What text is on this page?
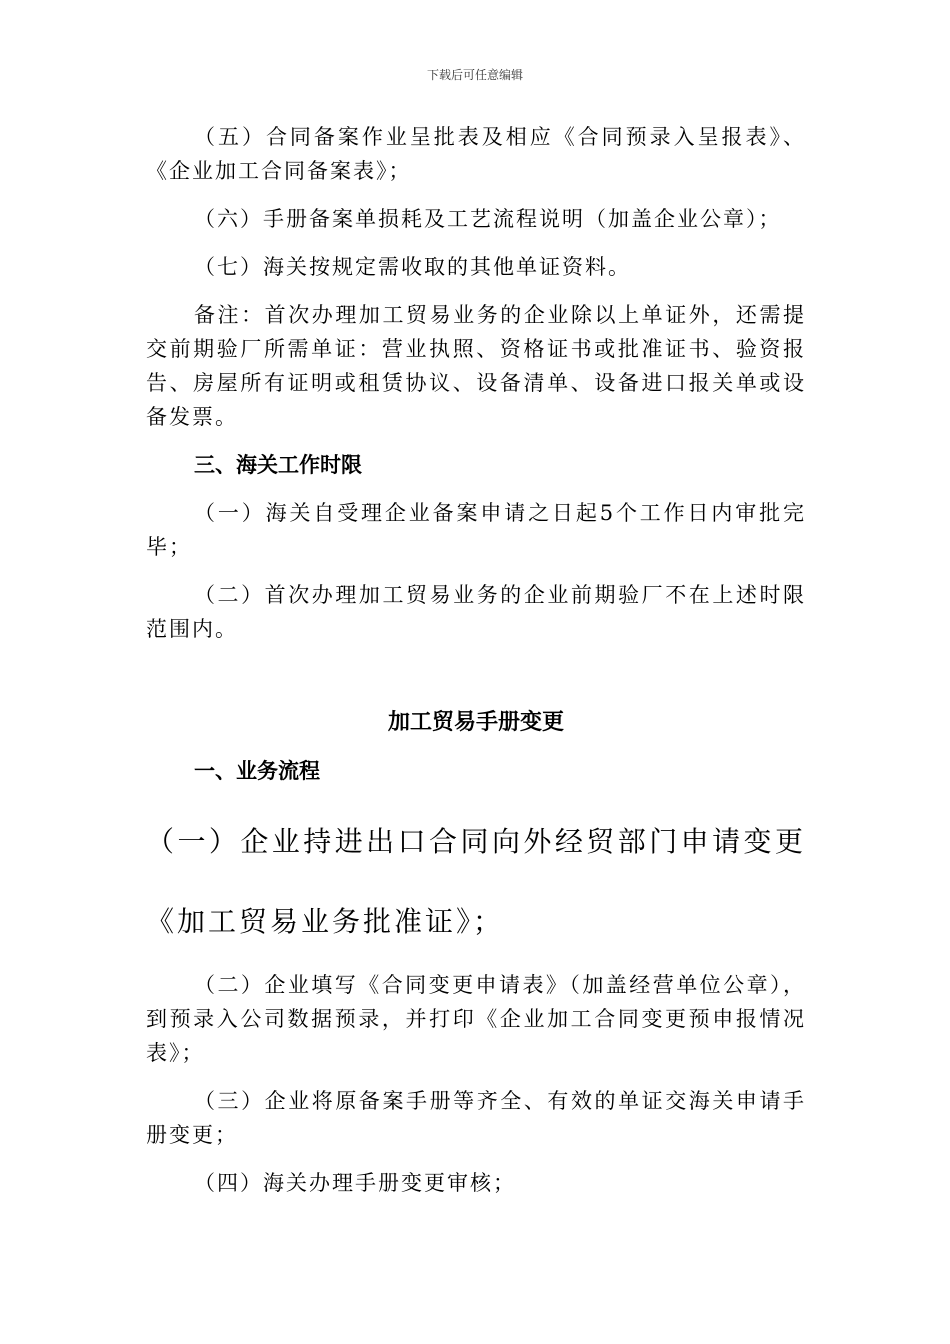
下载后可任意编辑

（五）合同备案作业呈批表及相应《合同预录入呈报表》、《企业加工合同备案表》；

（六）手册备案单损耗及工艺流程说明（加盖企业公章）；

（七）海关按规定需收取的其他单证资料。

备注：首次办理加工贸易业务的企业除以上单证外，还需提交前期验厂所需单证：营业执照、资格证书或批准证书、验资报告、房屋所有证明或租赁协议、设备清单、设备进口报关单或设备发票。

三、海关工作时限

（一）海关自受理企业备案申请之日起5个工作日内审批完毕；

（二）首次办理加工贸易业务的企业前期验厂不在上述时限范围内。

加工贸易手册变更

一、业务流程

（一）企业持进出口合同向外经贸部门申请变更《加工贸易业务批准证》；

（二）企业填写《合同变更申请表》（加盖经营单位公章），到预录入公司数据预录，并打印《企业加工合同变更预申报情况表》；

（三）企业将原备案手册等齐全、有效的单证交海关申请手册变更；

（四）海关办理手册变更审核；
